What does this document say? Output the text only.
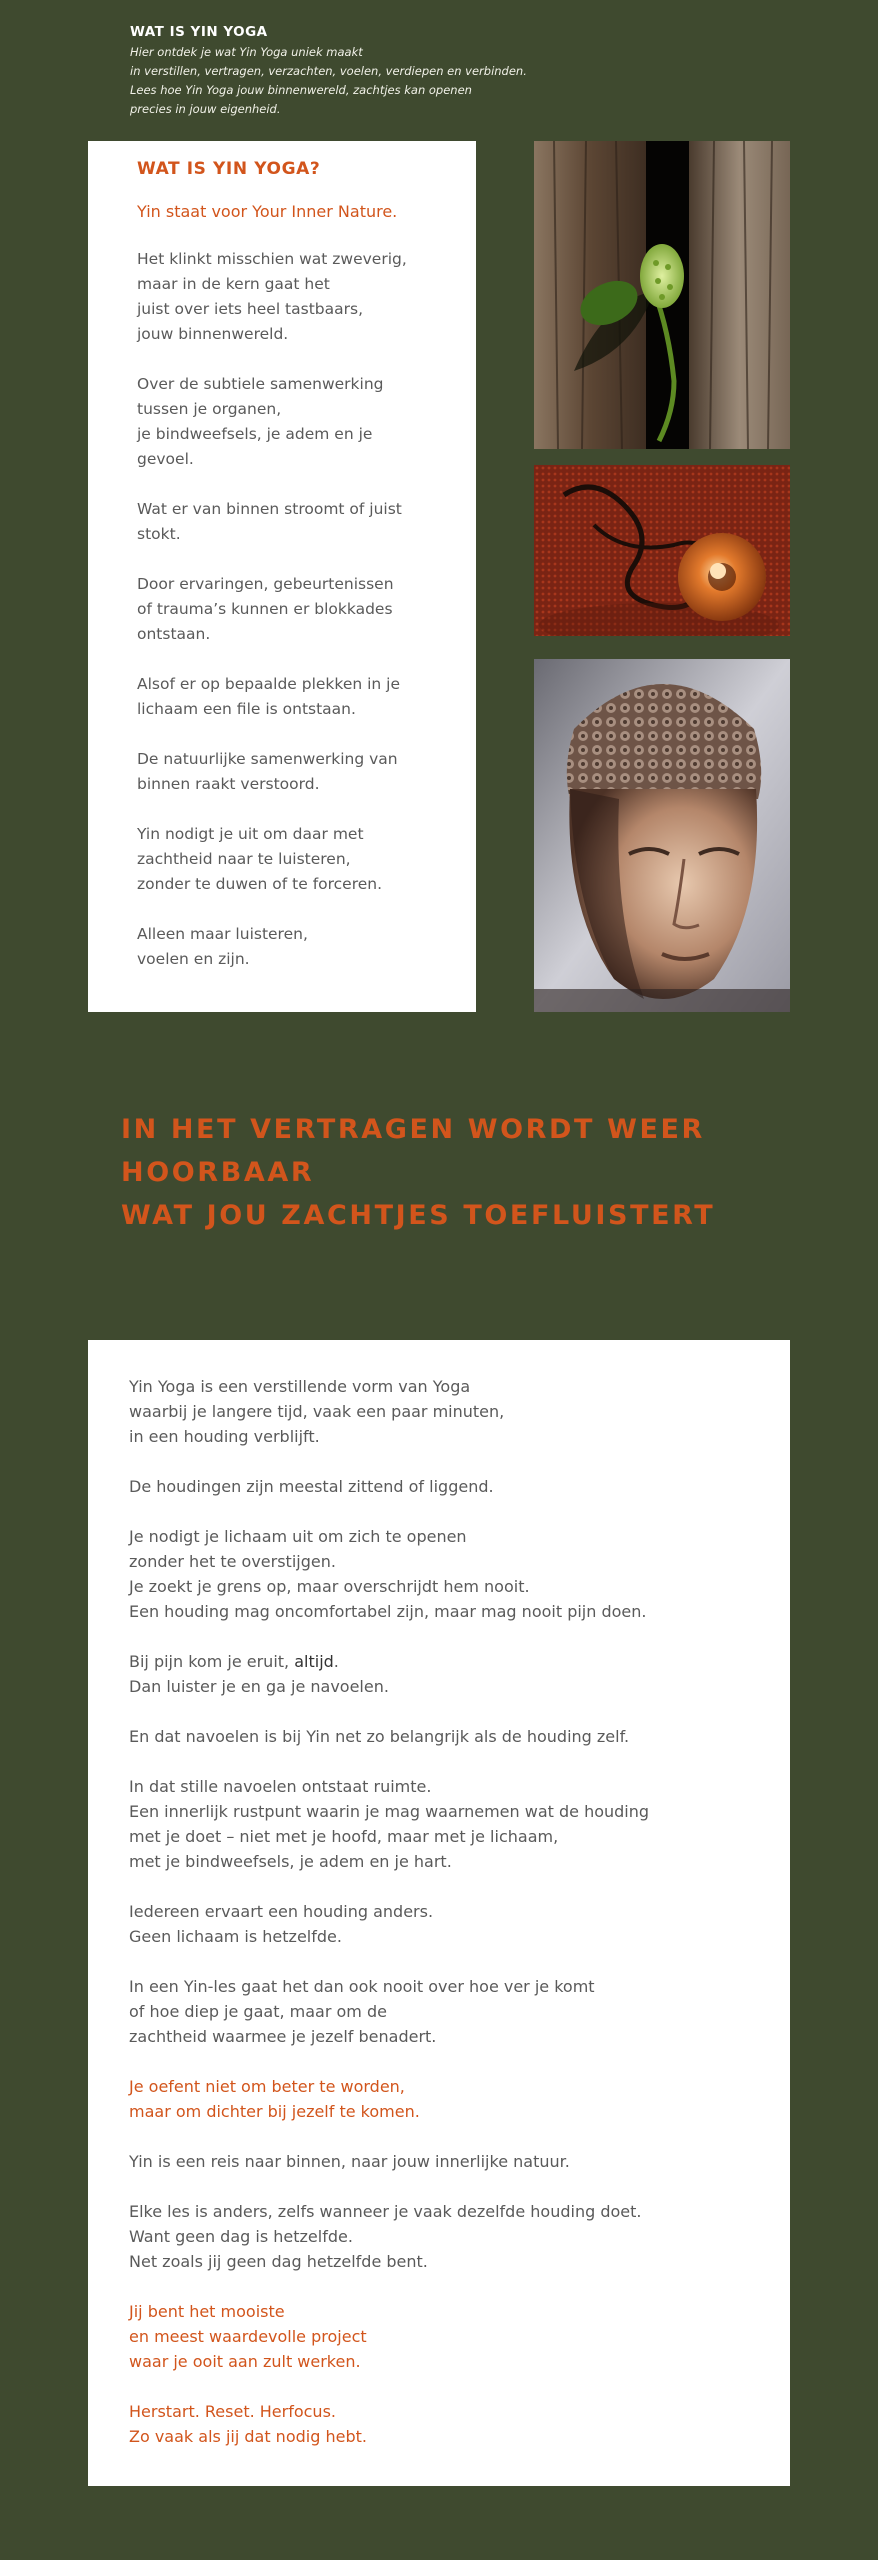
WAT IS YIN YOGA

Hier ontdek je wat Yin Yoga uniek maakt

in verstillen, vertragen, verzachten, voelen, verdiepen en verbinden.

Lees hoe Yin Yoga jouw binnenwereld, zachtjes kan openen

precies in jouw eigenheid.

WAT IS YIN YOGA?
Yin staat voor Your Inner Nature.

Het klinkt misschien wat zweverig,

maar in de kern gaat het

juist over iets heel tastbaars,

jouw binnenwereld.

Over de subtiele samenwerking

tussen je organen,

je bindweefsels, je adem en je

gevoel.

Wat er van binnen stroomt of juist

stokt.

Door ervaringen, gebeurtenissen

of trauma’s kunnen er blokkades

ontstaan.

Alsof er op bepaalde plekken in je

lichaam een file is ontstaan.

De natuurlijke samenwerking van

binnen raakt verstoord.

Yin nodigt je uit om daar met

zachtheid naar te luisteren,

zonder te duwen of te forceren.

Alleen maar luisteren,

voelen en zijn.

IN HET VERTRAGEN WORDT WEER

HOORBAAR

WAT JOU ZACHTJES TOEFLUISTERT

Yin Yoga is een verstillende vorm van Yoga

waarbij je langere tijd, vaak een paar minuten,

in een houding verblijft.

De houdingen zijn meestal zittend of liggend.

Je nodigt je lichaam uit om zich te openen

zonder het te overstijgen.

Je zoekt je grens op, maar overschrijdt hem nooit.

Een houding mag oncomfortabel zijn, maar mag nooit pijn doen.

Bij pijn kom je eruit, altijd.

Dan luister je en ga je navoelen.

En dat navoelen is bij Yin net zo belangrijk als de houding zelf.

In dat stille navoelen ontstaat ruimte.

Een innerlijk rustpunt waarin je mag waarnemen wat de houding

met je doet – niet met je hoofd, maar met je lichaam,

met je bindweefsels, je adem en je hart.

Iedereen ervaart een houding anders.

Geen lichaam is hetzelfde.

In een Yin-les gaat het dan ook nooit over hoe ver je komt

of hoe diep je gaat, maar om de

zachtheid waarmee je jezelf benadert.

Je oefent niet om beter te worden,

maar om dichter bij jezelf te komen.

Yin is een reis naar binnen, naar jouw innerlijke natuur.

Elke les is anders, zelfs wanneer je vaak dezelfde houding doet.

Want geen dag is hetzelfde.

Net zoals jij geen dag hetzelfde bent.

Jij bent het mooiste

en meest waardevolle project

waar je ooit aan zult werken.

Herstart. Reset. Herfocus.

Zo vaak als jij dat nodig hebt.
